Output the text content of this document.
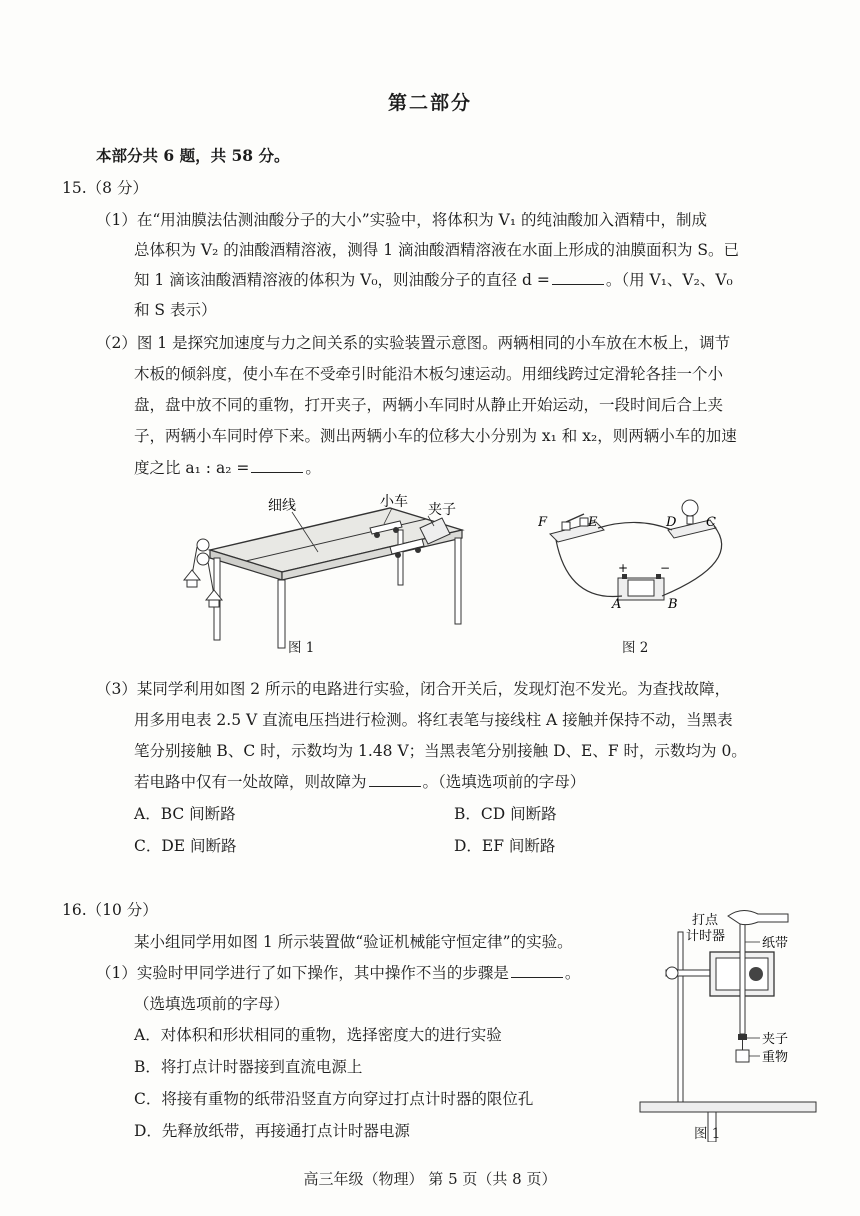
第二部分
本部分共 6 题，共 58 分。
15.（8 分）
（1）在“用油膜法估测油酸分子的大小”实验中，将体积为 V₁ 的纯油酸加入酒精中，制成
总体积为 V₂ 的油酸酒精溶液，测得 1 滴油酸酒精溶液在水面上形成的油膜面积为 S。已
知 1 滴该油酸酒精溶液的体积为 V₀，则油酸分子的直径 d =	。（用 V₁、V₂、V₀
和 S 表示）
（2）图 1 是探究加速度与力之间关系的实验装置示意图。两辆相同的小车放在木板上，调节
木板的倾斜度，使小车在不受牵引时能沿木板匀速运动。用细线跨过定滑轮各挂一个小
盘，盘中放不同的重物，打开夹子，两辆小车同时从静止开始运动，一段时间后合上夹
子，两辆小车同时停下来。测出两辆小车的位移大小分别为 x₁ 和 x₂，则两辆小车的加速
度之比 a₁ : a₂ =	。
细线	小车 夹子
图 1
F	E	D C
A	B
+	−
图 2
（3）某同学利用如图 2 所示的电路进行实验，闭合开关后，发现灯泡不发光。为查找故障，
用多用电表 2.5 V 直流电压挡进行检测。将红表笔与接线柱 A 接触并保持不动，当黑表
笔分别接触 B、C 时，示数均为 1.48 V；当黑表笔分别接触 D、E、F 时，示数均为 0。
若电路中仅有一处故障，则故障为	。（选填选项前的字母）
A．BC 间断路	B．CD 间断路
C．DE 间断路	D．EF 间断路
16.（10 分）
某小组同学用如图 1 所示装置做“验证机械能守恒定律”的实验。
（1）实验时甲同学进行了如下操作，其中操作不当的步骤是	。
（选填选项前的字母）
A．对体积和形状相同的重物，选择密度大的进行实验
B．将打点计时器接到直流电源上
C．将接有重物的纸带沿竖直方向穿过打点计时器的限位孔
D．先释放纸带，再接通打点计时器电源
打点
计时器	纸带
夹子
重物
图 1
高三年级（物理） 第 5 页（共 8 页）
